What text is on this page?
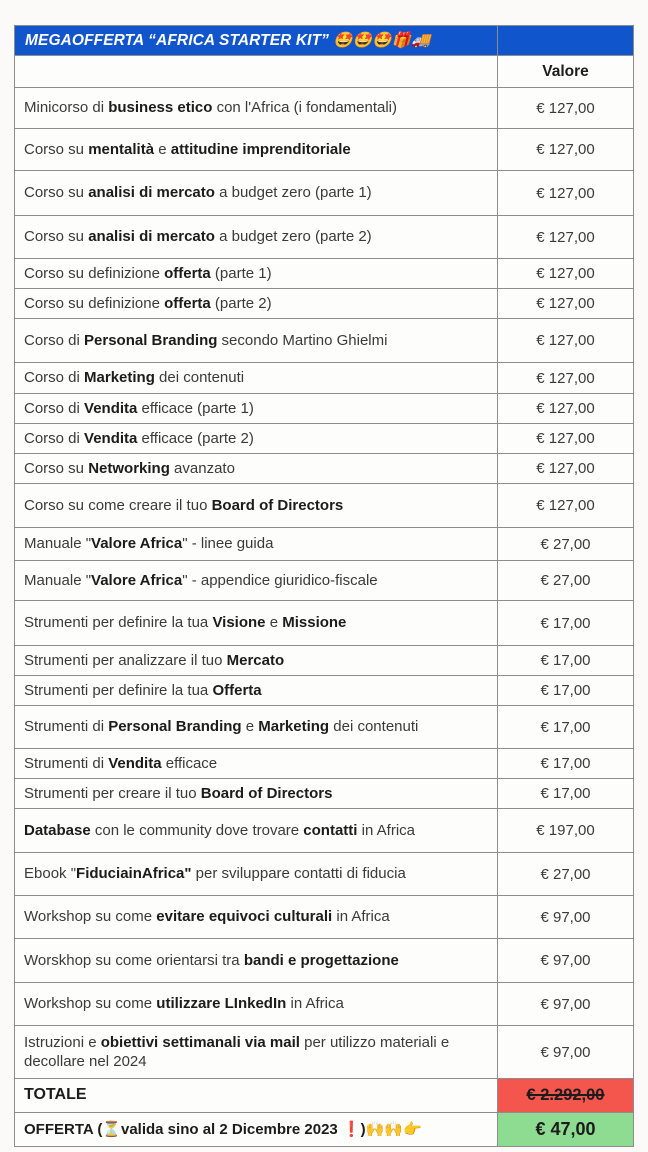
MEGAOFFERTA “AFRICA STARTER KIT” 🤩🤩🤩🎁🚚	

	Valore
Minicorso di business etico con l'Africa (i fondamentali)	€ 127,00
Corso su mentalità e attitudine imprenditoriale	€ 127,00
Corso su analisi di mercato a budget zero (parte 1)	€ 127,00
Corso su analisi di mercato a budget zero (parte 2)	€ 127,00
Corso su definizione offerta (parte 1)	€ 127,00
Corso su definizione offerta (parte 2)	€ 127,00
Corso di Personal Branding secondo Martino Ghielmi	€ 127,00
Corso di Marketing dei contenuti	€ 127,00
Corso di Vendita efficace (parte 1)	€ 127,00
Corso di Vendita efficace (parte 2)	€ 127,00
Corso su Networking avanzato	€ 127,00
Corso su come creare il tuo Board of Directors	€ 127,00
Manuale "Valore Africa" - linee guida	€ 27,00
Manuale "Valore Africa" - appendice giuridico-fiscale	€ 27,00
Strumenti per definire la tua Visione e Missione	€ 17,00
Strumenti per analizzare il tuo Mercato	€ 17,00
Strumenti per definire la tua Offerta	€ 17,00
Strumenti di Personal Branding e Marketing dei contenuti	€ 17,00
Strumenti di Vendita efficace	€ 17,00
Strumenti per creare il tuo Board of Directors	€ 17,00
Database con le community dove trovare contatti in Africa	€ 197,00
Ebook "FiduciainAfrica" per sviluppare contatti di fiducia	€ 27,00
Workshop su come evitare equivoci culturali in Africa	€ 97,00
Worskhop su come orientarsi tra bandi e progettazione	€ 97,00
Workshop su come utilizzare LInkedIn in Africa	€ 97,00
Istruzioni e obiettivi settimanali via mail per utilizzo materiali e decollare nel 2024	€ 97,00
TOTALE	€ 2.292,00
OFFERTA (⏳valida sino al 2 Dicembre 2023 ❗)🙌🙌👉	€ 47,00
